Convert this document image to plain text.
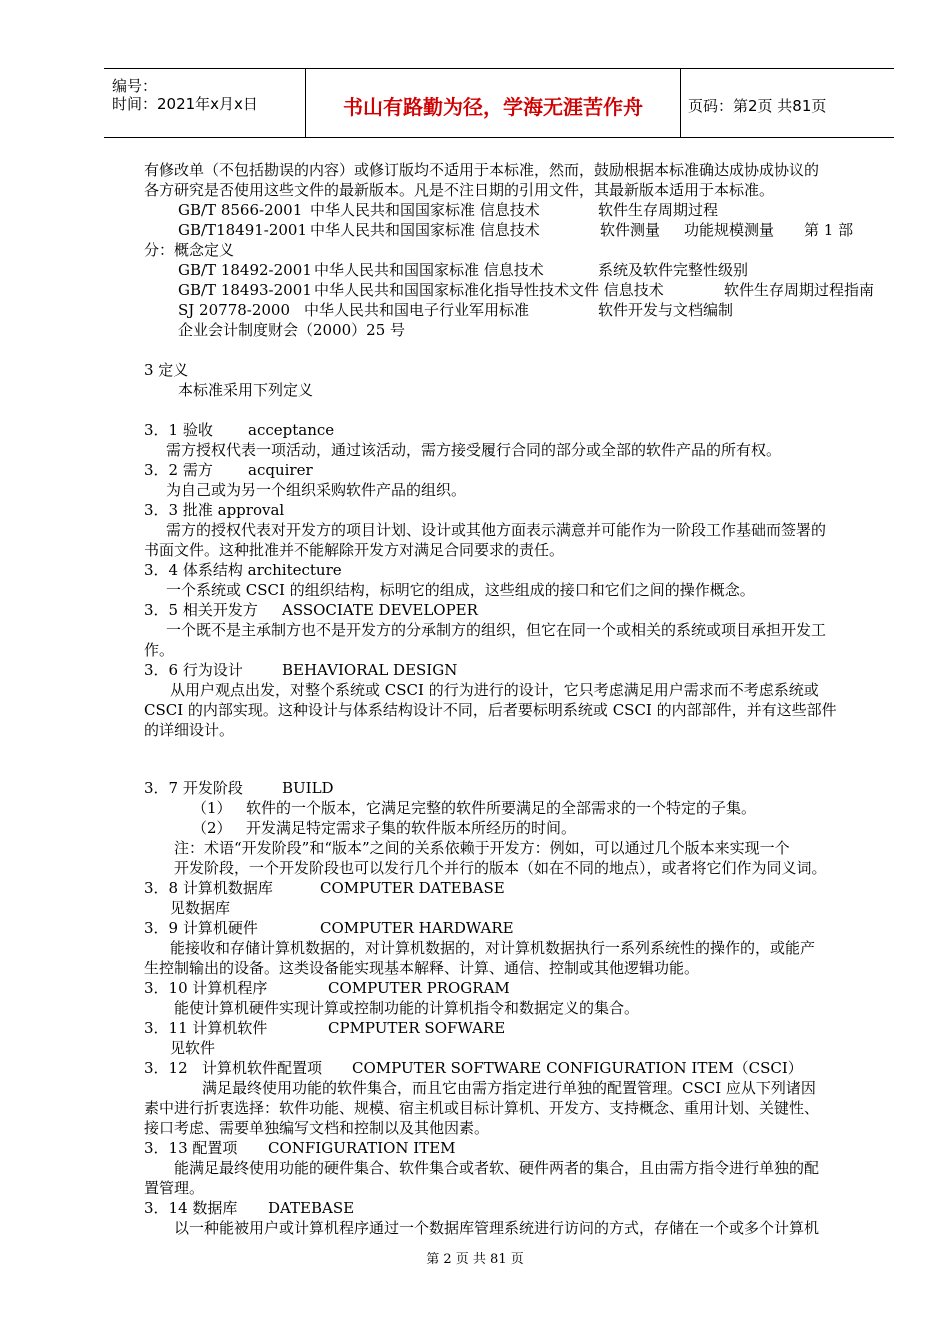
编号：
时间：2021年x月x日	书山有路勤为径，学海无涯苦作舟	页码：第2页 共81页
有修改单（不包括勘误的内容）或修订版均不适用于本标准，然而，鼓励根据本标准确达成协成协议的
各方研究是否使用这些文件的最新版本。凡是不注日期的引用文件，其最新版本适用于本标准。
GB/T 8566-2001 中华人民共和国国家标准 信息技术	软件生存周期过程
GB/T18491-2001 中华人民共和国国家标准 信息技术	软件测量 功能规模测量 第 1 部
分：概念定义
GB/T 18492-2001 中华人民共和国国家标准 信息技术	系统及软件完整性级别
GB/T 18493-2001 中华人民共和国国家标准化指导性技术文件 信息技术	软件生存周期过程指南
SJ 20778-2000 中华人民共和国电子行业军用标准	软件开发与文档编制
企业会计制度财会（2000）25 号
3 定义
本标准采用下列定义
3．1 验收 acceptance
需方授权代表一项活动，通过该活动，需方接受履行合同的部分或全部的软件产品的所有权。
3．2 需方 acquirer
为自己或为另一个组织采购软件产品的组织。
3．3 批准 approval
需方的授权代表对开发方的项目计划、设计或其他方面表示满意并可能作为一阶段工作基础而签署的
书面文件。这种批准并不能解除开发方对满足合同要求的责任。
3．4 体系结构 architecture
一个系统或 CSCI 的组织结构，标明它的组成，这些组成的接口和它们之间的操作概念。
3．5 相关开发方 ASSOCIATE DEVELOPER
一个既不是主承制方也不是开发方的分承制方的组织，但它在同一个或相关的系统或项目承担开发工
作。
3．6 行为设计	BEHAVIORAL DESIGN
从用户观点出发，对整个系统或 CSCI 的行为进行的设计，它只考虑满足用户需求而不考虑系统或
CSCI 的内部实现。这种设计与体系结构设计不同，后者要标明系统或 CSCI 的内部部件，并有这些部件
的详细设计。
3．7 开发阶段	BUILD
（1） 软件的一个版本，它满足完整的软件所要满足的全部需求的一个特定的子集。
（2） 开发满足特定需求子集的软件版本所经历的时间。
注：术语“开发阶段”和“版本”之间的关系依赖于开发方：例如，可以通过几个版本来实现一个
开发阶段，一个开发阶段也可以发行几个并行的版本（如在不同的地点），或者将它们作为同义词。
3．8 计算机数据库	COMPUTER DATEBASE
见数据库
3．9 计算机硬件	COMPUTER HARDWARE
能接收和存储计算机数据的，对计算机数据的，对计算机数据执行一系列系统性的操作的，或能产
生控制输出的设备。这类设备能实现基本解释、计算、通信、控制或其他逻辑功能。
3．10 计算机程序	COMPUTER PROGRAM
能使计算机硬件实现计算或控制功能的计算机指令和数据定义的集合。
3．11 计算机软件	CPMPUTER SOFWARE
见软件
3．12 计算机软件配置项 COMPUTER SOFTWARE CONFIGURATION ITEM（CSCI）
满足最终使用功能的软件集合，而且它由需方指定进行单独的配置管理。CSCI 应从下列诸因
素中进行折衷选择：软件功能、规模、宿主机或目标计算机、开发方、支持概念、重用计划、关键性、
接口考虑、需要单独编写文档和控制以及其他因素。
3．13 配置项 CONFIGURATION ITEM
能满足最终使用功能的硬件集合、软件集合或者软、硬件两者的集合，且由需方指令进行单独的配
置管理。
3．14 数据库 DATEBASE
以一种能被用户或计算机程序通过一个数据库管理系统进行访问的方式，存储在一个或多个计算机
第 2 页 共 81 页
